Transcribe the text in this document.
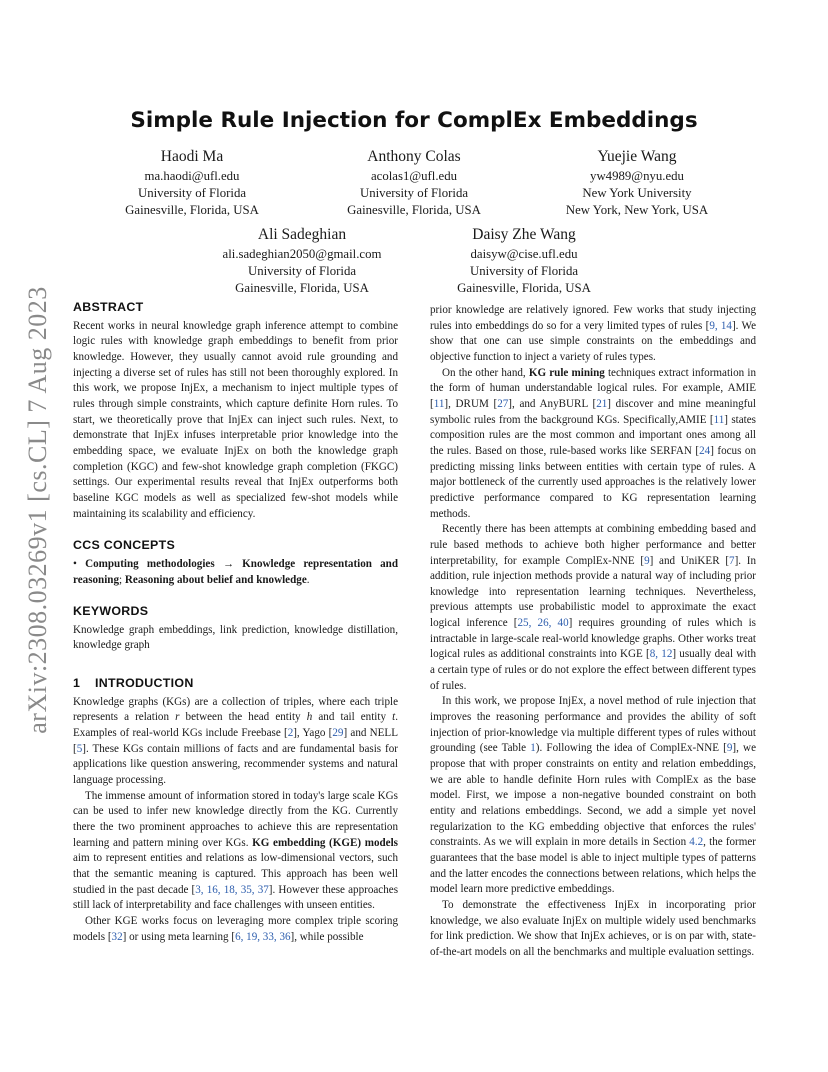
arXiv:2308.03269v1 [cs.CL] 7 Aug 2023
Simple Rule Injection for ComplEx Embeddings
Haodi Ma
ma.haodi@ufl.edu
University of Florida
Gainesville, Florida, USA
Anthony Colas
acolas1@ufl.edu
University of Florida
Gainesville, Florida, USA
Yuejie Wang
yw4989@nyu.edu
New York University
New York, New York, USA
Ali Sadeghian
ali.sadeghian2050@gmail.com
University of Florida
Gainesville, Florida, USA
Daisy Zhe Wang
daisyw@cise.ufl.edu
University of Florida
Gainesville, Florida, USA
ABSTRACT

Recent works in neural knowledge graph inference attempt to combine logic rules with knowledge graph embeddings to benefit from prior knowledge. However, they usually cannot avoid rule grounding and injecting a diverse set of rules has still not been thoroughly explored. In this work, we propose InjEx, a mechanism to inject multiple types of rules through simple constraints, which capture definite Horn rules. To start, we theoretically prove that InjEx can inject such rules. Next, to demonstrate that InjEx infuses interpretable prior knowledge into the embedding space, we evaluate InjEx on both the knowledge graph completion (KGC) and few-shot knowledge graph completion (FKGC) settings. Our experimental results reveal that InjEx outperforms both baseline KGC models as well as specialized few-shot models while maintaining its scalability and efficiency.

CCS CONCEPTS

• Computing methodologies → Knowledge representation and reasoning; Reasoning about belief and knowledge.

KEYWORDS

Knowledge graph embeddings, link prediction, knowledge distillation, knowledge graph

1 INTRODUCTION

Knowledge graphs (KGs) are a collection of triples, where each triple represents a relation r between the head entity h and tail entity t. Examples of real-world KGs include Freebase [2], Yago [29] and NELL [5]. These KGs contain millions of facts and are fundamental basis for applications like question answering, recommender systems and natural language processing.

The immense amount of information stored in today's large scale KGs can be used to infer new knowledge directly from the KG. Currently there the two prominent approaches to achieve this are representation learning and pattern mining over KGs. KG embedding (KGE) models aim to represent entities and relations as low-dimensional vectors, such that the semantic meaning is captured. This approach has been well studied in the past decade [3, 16, 18, 35, 37]. However these approaches still lack of interpretability and face challenges with unseen entities.

Other KGE works focus on leveraging more complex triple scoring models [32] or using meta learning [6, 19, 33, 36], while possible

prior knowledge are relatively ignored. Few works that study injecting rules into embeddings do so for a very limited types of rules [9, 14]. We show that one can use simple constraints on the embeddings and objective function to inject a variety of rules types.

On the other hand, KG rule mining techniques extract information in the form of human understandable logical rules. For example, AMIE [11], DRUM [27], and AnyBURL [21] discover and mine meaningful symbolic rules from the background KGs. Specifically,AMIE [11] states composition rules are the most common and important ones among all the rules. Based on those, rule-based works like SERFAN [24] focus on predicting missing links between entities with certain type of rules. A major bottleneck of the currently used approaches is the relatively lower predictive performance compared to KG representation learning methods.

Recently there has been attempts at combining embedding based and rule based methods to achieve both higher performance and better interpretability, for example ComplEx-NNE [9] and UniKER [7]. In addition, rule injection methods provide a natural way of including prior knowledge into representation learning techniques. Nevertheless, previous attempts use probabilistic model to approximate the exact logical inference [25, 26, 40] requires grounding of rules which is intractable in large-scale real-world knowledge graphs. Other works treat logical rules as additional constraints into KGE [8, 12] usually deal with a certain type of rules or do not explore the effect between different types of rules.

In this work, we propose InjEx, a novel method of rule injection that improves the reasoning performance and provides the ability of soft injection of prior-knowledge via multiple different types of rules without grounding (see Table 1). Following the idea of ComplEx-NNE [9], we propose that with proper constraints on entity and relation embeddings, we are able to handle definite Horn rules with ComplEx as the base model. First, we impose a non-negative bounded constraint on both entity and relations embeddings. Second, we add a simple yet novel regularization to the KG embedding objective that enforces the rules' constraints. As we will explain in more details in Section 4.2, the former guarantees that the base model is able to inject multiple types of patterns and the latter encodes the connections between relations, which helps the model learn more predictive embeddings.

To demonstrate the effectiveness InjEx in incorporating prior knowledge, we also evaluate InjEx on multiple widely used benchmarks for link prediction. We show that InjEx achieves, or is on par with, state-of-the-art models on all the benchmarks and multiple evaluation settings.
